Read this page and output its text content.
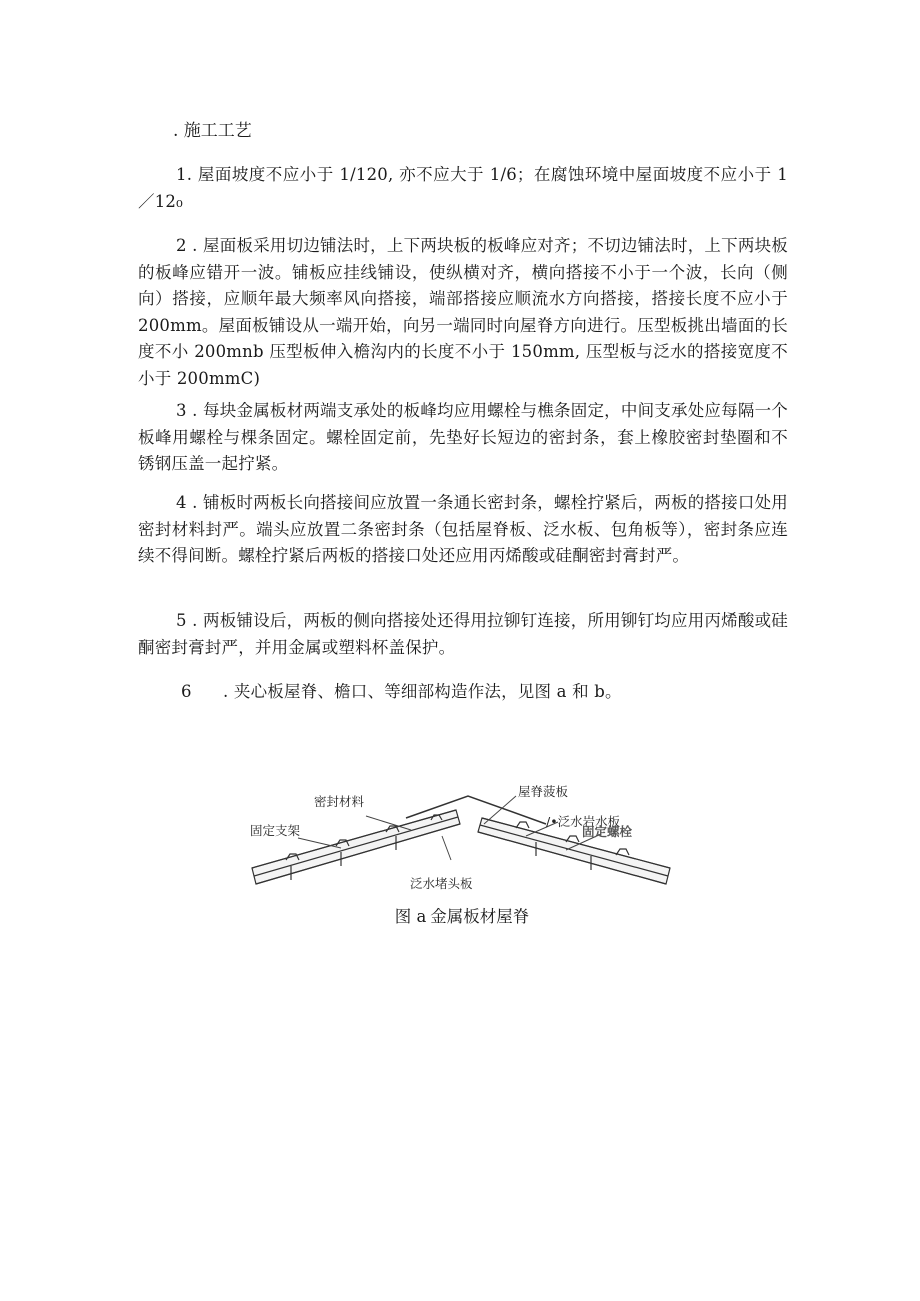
. 施工工艺
1. 屋面坡度不应小于 1/120, 亦不应大于 1/6；在腐蚀环境中屋面坡度不应小于 1／12₀
2 . 屋面板采用切边铺法时，上下两块板的板峰应对齐；不切边铺法时，上下两块板的板峰应错开一波。铺板应挂线铺设，使纵横对齐，横向搭接不小于一个波，长向（侧向）搭接，应顺年最大频率风向搭接，端部搭接应顺流水方向搭接，搭接长度不应小于 200mm。屋面板铺设从一端开始，向另一端同时向屋脊方向进行。压型板挑出墙面的长度不小 200mnb 压型板伸入檐沟内的长度不小于 150mm, 压型板与泛水的搭接宽度不小于 200mmC)
3 . 每块金属板材两端支承处的板峰均应用螺栓与樵条固定，中间支承处应每隔一个板峰用螺栓与棵条固定。螺栓固定前，先垫好长短边的密封条，套上橡胶密封垫圈和不锈钢压盖一起拧紧。
4 . 铺板时两板长向搭接间应放置一条通长密封条，螺栓拧紧后，两板的搭接口处用密封材料封严。端头应放置二条密封条（包括屋脊板、泛水板、包角板等），密封条应连续不得间断。螺栓拧紧后两板的搭接口处还应用丙烯酸或硅酮密封膏封严。
5 . 两板铺设后，两板的侧向搭接处还得用拉铆钉连接，所用铆钉均应用丙烯酸或硅酮密封膏封严，并用金属或塑料杯盖保护。
6 . 夹心板屋脊、檐口、等细部构造作法，见图 a 和 b。
密封材料
固定支架
屋脊菠板
/•泛水岩水板
固定螺栓
泛水堵头板
图 a 金属板材屋脊
